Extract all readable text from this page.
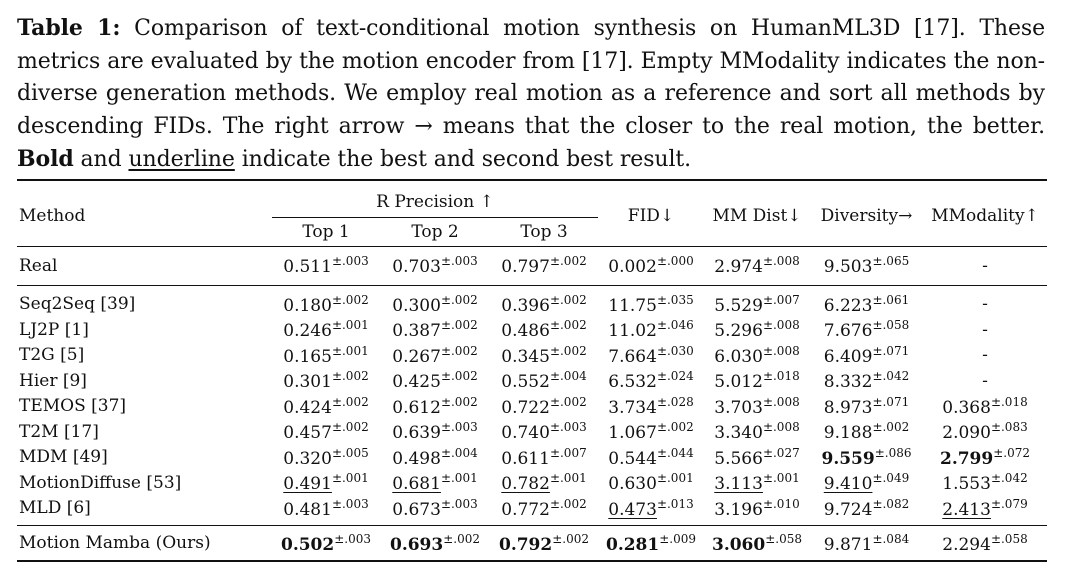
Table 1: Comparison of text-conditional motion synthesis on HumanML3D [17]. These metrics are evaluated by the motion encoder from [17]. Empty MModality indicates the non-diverse generation methods. We employ real motion as a reference and sort all methods by descending FIDs. The right arrow → means that the closer to the real motion, the better. Bold and underline indicate the best and second best result.
Method	R Precision ↑			FID↓	MM Dist↓	Diversity→	MModality↑
	Top 1	Top 2	Top 3				
Real	$0.511^{\pm.003}$	$0.703^{\pm.003}$	$0.797^{\pm.002}$	$0.002^{\pm.000}$	$2.974^{\pm.008}$	$9.503^{\pm.065}$	-
Seq2Seq [39]	$0.180^{\pm.002}$	$0.300^{\pm.002}$	$0.396^{\pm.002}$	$11.75^{\pm.035}$	$5.529^{\pm.007}$	$6.223^{\pm.061}$	-
LJ2P [1]	$0.246^{\pm.001}$	$0.387^{\pm.002}$	$0.486^{\pm.002}$	$11.02^{\pm.046}$	$5.296^{\pm.008}$	$7.676^{\pm.058}$	-
T2G [5]	$0.165^{\pm.001}$	$0.267^{\pm.002}$	$0.345^{\pm.002}$	$7.664^{\pm.030}$	$6.030^{\pm.008}$	$6.409^{\pm.071}$	-
Hier [9]	$0.301^{\pm.002}$	$0.425^{\pm.002}$	$0.552^{\pm.004}$	$6.532^{\pm.024}$	$5.012^{\pm.018}$	$8.332^{\pm.042}$	-
TEMOS [37]	$0.424^{\pm.002}$	$0.612^{\pm.002}$	$0.722^{\pm.002}$	$3.734^{\pm.028}$	$3.703^{\pm.008}$	$8.973^{\pm.071}$	$0.368^{\pm.018}$
T2M [17]	$0.457^{\pm.002}$	$0.639^{\pm.003}$	$0.740^{\pm.003}$	$1.067^{\pm.002}$	$3.340^{\pm.008}$	$9.188^{\pm.002}$	$2.090^{\pm.083}$
MDM [49]	$0.320^{\pm.005}$	$0.498^{\pm.004}$	$0.611^{\pm.007}$	$0.544^{\pm.044}$	$5.566^{\pm.027}$	$9.559^{\pm.086}$	$2.799^{\pm.072}$
MotionDiffuse [53]	$0.491^{\pm.001}$	$0.681^{\pm.001}$	$0.782^{\pm.001}$	$0.630^{\pm.001}$	$3.113^{\pm.001}$	$9.410^{\pm.049}$	$1.553^{\pm.042}$
MLD [6]	$0.481^{\pm.003}$	$0.673^{\pm.003}$	$0.772^{\pm.002}$	$0.473^{\pm.013}$	$3.196^{\pm.010}$	$9.724^{\pm.082}$	$2.413^{\pm.079}$
Motion Mamba (Ours)	$0.502^{\pm.003}$	$0.693^{\pm.002}$	$0.792^{\pm.002}$	$0.281^{\pm.009}$	$3.060^{\pm.058}$	$9.871^{\pm.084}$	$2.294^{\pm.058}$
